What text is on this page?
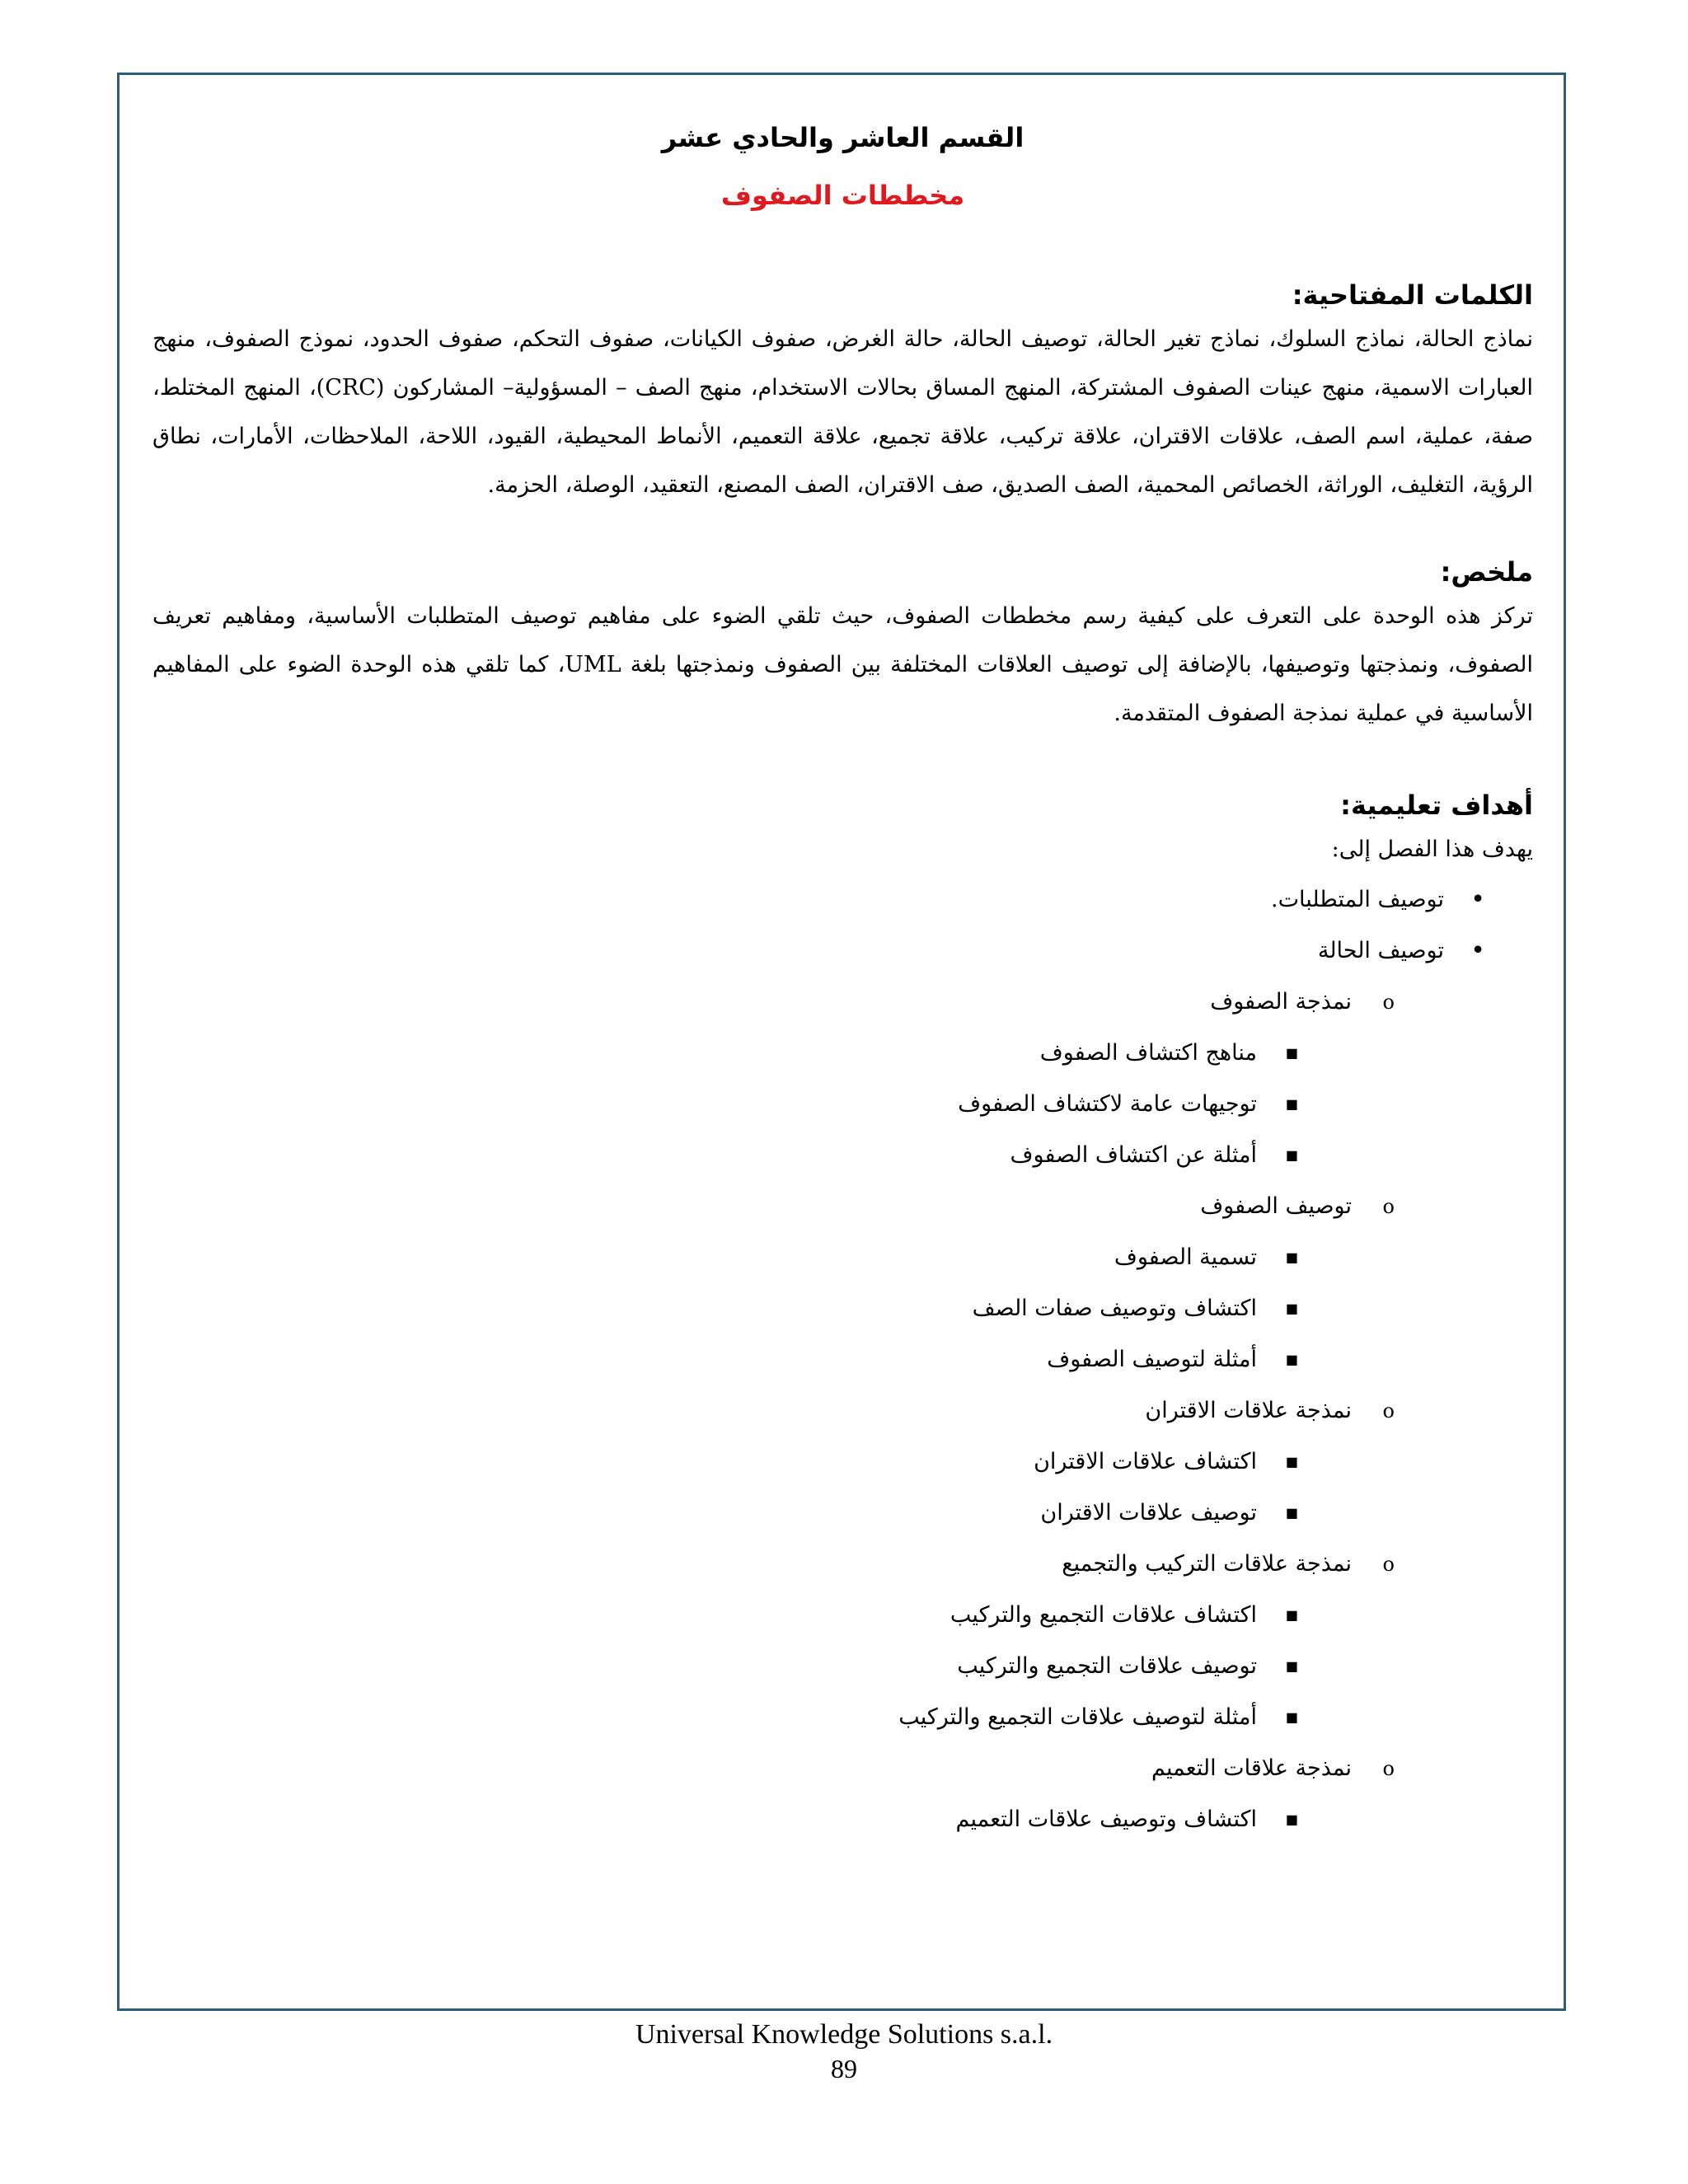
القسم العاشر والحادي عشر
مخططات الصفوف
الكلمات المفتاحية:

نماذج الحالة، نماذج السلوك، نماذج تغير الحالة، توصيف الحالة، حالة الغرض، صفوف الكيانات، صفوف التحكم، صفوف الحدود، نموذج الصفوف، منهج العبارات الاسمية، منهج عينات الصفوف المشتركة، المنهج المساق بحالات الاستخدام، منهج الصف – المسؤولية– المشاركون (CRC)، المنهج المختلط، صفة، عملية، اسم الصف، علاقات الاقتران، علاقة تركيب، علاقة تجميع، علاقة التعميم، الأنماط المحيطية، القيود، اللاحة، الملاحظات، الأمارات، نطاق الرؤية، التغليف، الوراثة، الخصائص المحمية، الصف الصديق، صف الاقتران، الصف المصنع، التعقيد، الوصلة، الحزمة.

ملخص:

تركز هذه الوحدة على التعرف على كيفية رسم مخططات الصفوف، حيث تلقي الضوء على مفاهيم توصيف المتطلبات الأساسية، ومفاهيم تعريف الصفوف، ونمذجتها وتوصيفها، بالإضافة إلى توصيف العلاقات المختلفة بين الصفوف ونمذجتها بلغة UML، كما تلقي هذه الوحدة الضوء على المفاهيم الأساسية في عملية نمذجة الصفوف المتقدمة.

أهداف تعليمية:

يهدف هذا الفصل إلى:

•
توصيف المتطلبات.
•
توصيف الحالة
o
نمذجة الصفوف
■
مناهج اكتشاف الصفوف
■
توجيهات عامة لاكتشاف الصفوف
■
أمثلة عن اكتشاف الصفوف
o
توصيف الصفوف
■
تسمية الصفوف
■
اكتشاف وتوصيف صفات الصف
■
أمثلة لتوصيف الصفوف
o
نمذجة علاقات الاقتران
■
اكتشاف علاقات الاقتران
■
توصيف علاقات الاقتران
o
نمذجة علاقات التركيب والتجميع
■
اكتشاف علاقات التجميع والتركيب
■
توصيف علاقات التجميع والتركيب
■
أمثلة لتوصيف علاقات التجميع والتركيب
o
نمذجة علاقات التعميم
■
اكتشاف وتوصيف علاقات التعميم
Universal Knowledge Solutions s.a.l.
89
